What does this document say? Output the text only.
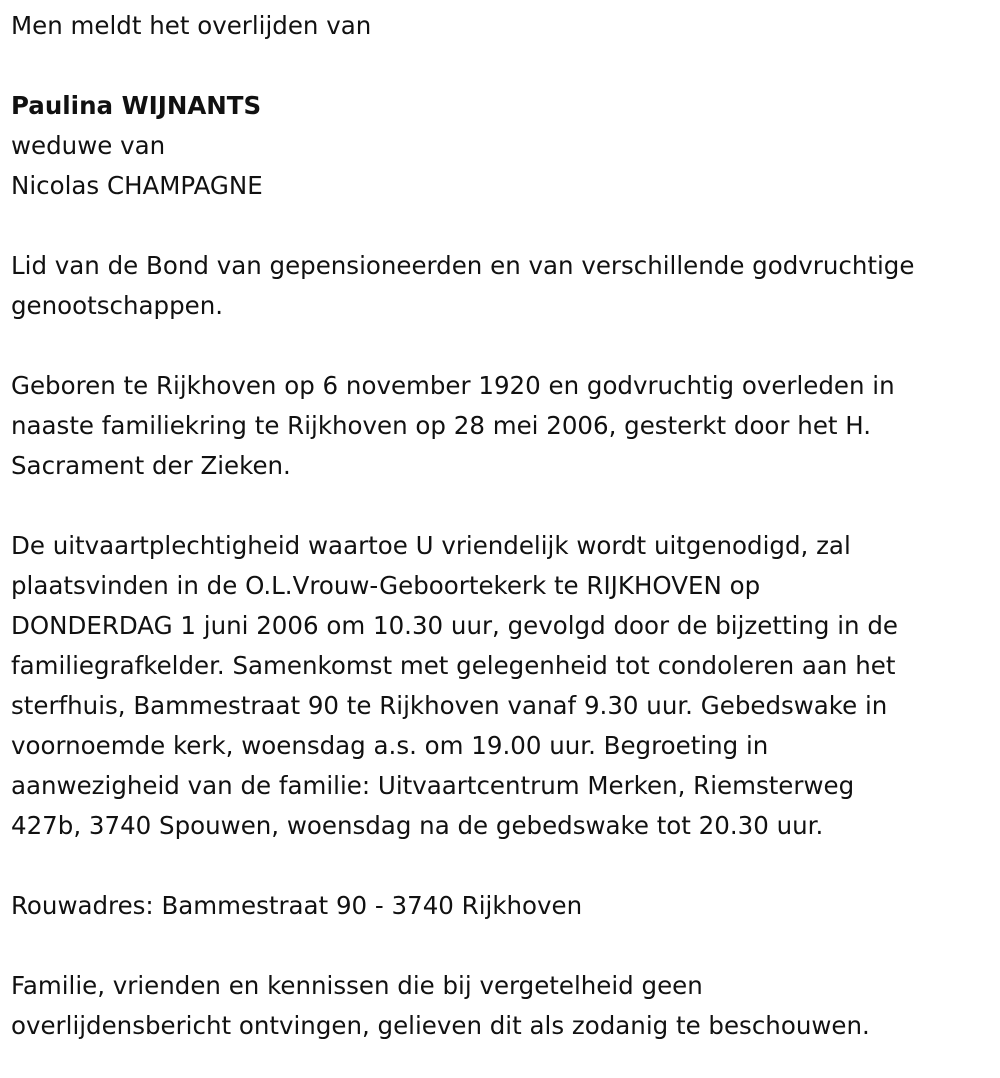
Men meldt het overlijden van
Paulina WIJNANTS
weduwe van
Nicolas CHAMPAGNE
Lid van de Bond van gepensioneerden en van verschillende godvruchtige
genootschappen.
Geboren te Rijkhoven op 6 november 1920 en godvruchtig overleden in
naaste familiekring te Rijkhoven op 28 mei 2006, gesterkt door het H.
Sacrament der Zieken.
De uitvaartplechtigheid waartoe U vriendelijk wordt uitgenodigd, zal
plaatsvinden in de O.L.Vrouw-Geboortekerk te RIJKHOVEN op
DONDERDAG 1 juni 2006 om 10.30 uur, gevolgd door de bijzetting in de
familiegrafkelder. Samenkomst met gelegenheid tot condoleren aan het
sterfhuis, Bammestraat 90 te Rijkhoven vanaf 9.30 uur. Gebedswake in
voornoemde kerk, woensdag a.s. om 19.00 uur. Begroeting in
aanwezigheid van de familie: Uitvaartcentrum Merken, Riemsterweg
427b, 3740 Spouwen, woensdag na de gebedswake tot 20.30 uur.
Rouwadres: Bammestraat 90 - 3740 Rijkhoven
Familie, vrienden en kennissen die bij vergetelheid geen
overlijdensbericht ontvingen, gelieven dit als zodanig te beschouwen.
